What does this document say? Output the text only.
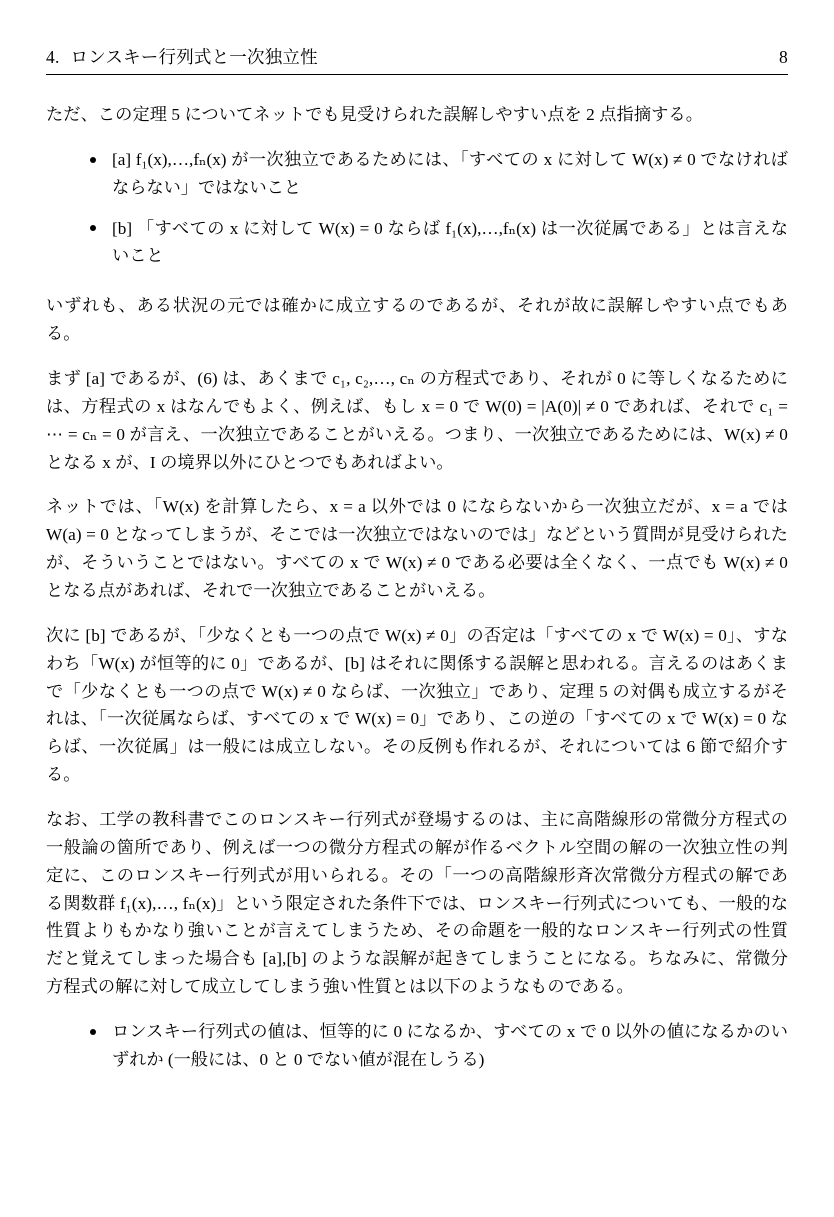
4. ロンスキー行列式と一次独立性	8

ただ、この定理 5 についてネットでも見受けられた誤解しやすい点を 2 点指摘する。

[a] f₁(x),…,fₙ(x) が一次独立であるためには、「すべての x に対して W(x) ≠ 0 でなければならない」ではないこと
[b] 「すべての x に対して W(x) = 0 ならば f₁(x),…,fₙ(x) は一次従属である」とは言えないこと

いずれも、ある状況の元では確かに成立するのであるが、それが故に誤解しやすい点でもある。

まず [a] であるが、(6) は、あくまで c₁, c₂,…, cₙ の方程式であり、それが 0 に等しくなるためには、方程式の x はなんでもよく、例えば、もし x = 0 で W(0) = |A(0)| ≠ 0 であれば、それで c₁ = ⋯ = cₙ = 0 が言え、一次独立であることがいえる。つまり、一次独立であるためには、W(x) ≠ 0 となる x が、I の境界以外にひとつでもあればよい。

ネットでは、「W(x) を計算したら、x = a 以外では 0 にならないから一次独立だが、x = a では W(a) = 0 となってしまうが、そこでは一次独立ではないのでは」などという質問が見受けられたが、そういうことではない。すべての x で W(x) ≠ 0 である必要は全くなく、一点でも W(x) ≠ 0 となる点があれば、それで一次独立であることがいえる。

次に [b] であるが、「少なくとも一つの点で W(x) ≠ 0」の否定は「すべての x で W(x) = 0」、すなわち「W(x) が恒等的に 0」であるが、[b] はそれに関係する誤解と思われる。言えるのはあくまで「少なくとも一つの点で W(x) ≠ 0 ならば、一次独立」であり、定理 5 の対偶も成立するがそれは、「一次従属ならば、すべての x で W(x) = 0」であり、この逆の「すべての x で W(x) = 0 ならば、一次従属」は一般には成立しない。その反例も作れるが、それについては 6 節で紹介する。

なお、工学の教科書でこのロンスキー行列式が登場するのは、主に高階線形の常微分方程式の一般論の箇所であり、例えば一つの微分方程式の解が作るベクトル空間の解の一次独立性の判定に、このロンスキー行列式が用いられる。その「一つの高階線形斉次常微分方程式の解である関数群 f₁(x),…, fₙ(x)」という限定された条件下では、ロンスキー行列式についても、一般的な性質よりもかなり強いことが言えてしまうため、その命題を一般的なロンスキー行列式の性質だと覚えてしまった場合も [a],[b] のような誤解が起きてしまうことになる。ちなみに、常微分方程式の解に対して成立してしまう強い性質とは以下のようなものである。

ロンスキー行列式の値は、恒等的に 0 になるか、すべての x で 0 以外の値になるかのいずれか (一般には、0 と 0 でない値が混在しうる)
